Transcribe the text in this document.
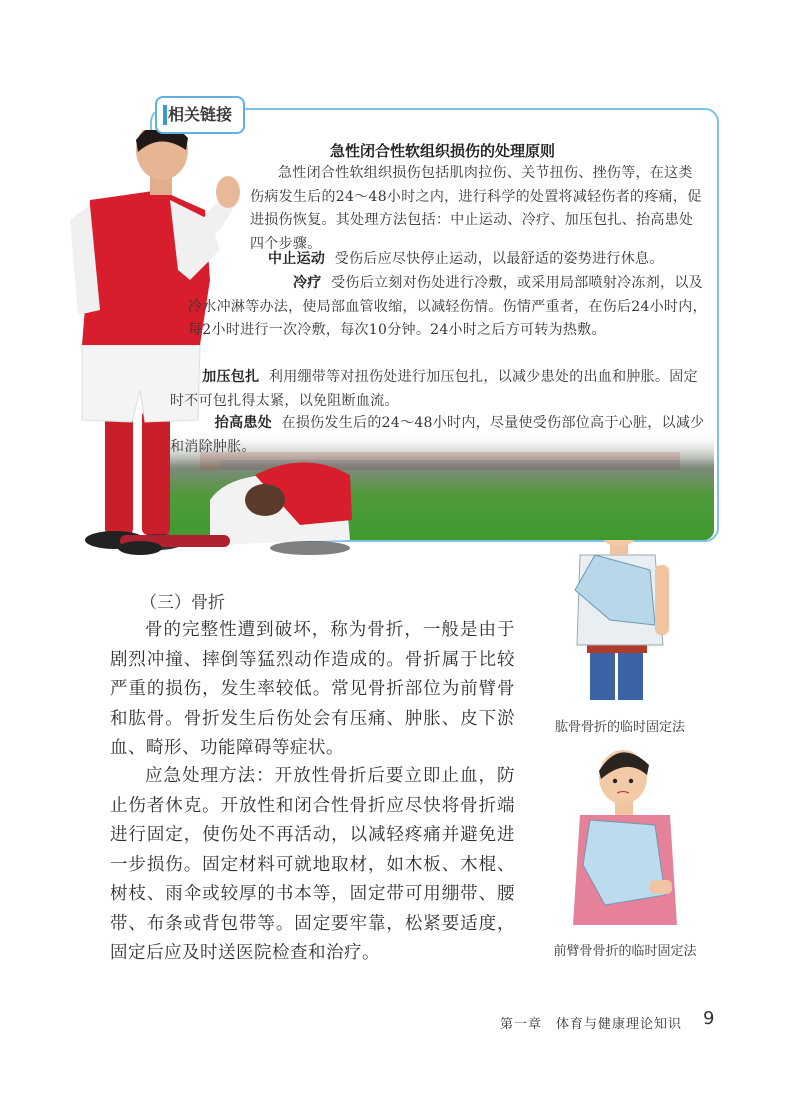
相关链接
急性闭合性软组织损伤的处理原则
急性闭合性软组织损伤包括肌肉拉伤、关节扭伤、挫伤等，在这类伤病发生后的24～48小时之内，进行科学的处置将减轻伤者的疼痛，促进损伤恢复。其处理方法包括：中止运动、冷疗、加压包扎、抬高患处四个步骤。
中止运动 受伤后应尽快停止运动，以最舒适的姿势进行休息。
冷疗 受伤后立刻对伤处进行冷敷，或采用局部喷射冷冻剂，以及冷水冲淋等办法，使局部血管收缩，以减轻伤情。伤情严重者，在伤后24小时内，每2小时进行一次冷敷，每次10分钟。24小时之后方可转为热敷。
加压包扎 利用绷带等对扭伤处进行加压包扎，以减少患处的出血和肿胀。固定时不可包扎得太紧，以免阻断血流。
抬高患处 在损伤发生后的24～48小时内，尽量使受伤部位高于心脏，以减少和消除肿胀。
（三）骨折
骨的完整性遭到破坏，称为骨折，一般是由于剧烈冲撞、摔倒等猛烈动作造成的。骨折属于比较严重的损伤，发生率较低。常见骨折部位为前臂骨和肱骨。骨折发生后伤处会有压痛、肿胀、皮下淤血、畸形、功能障碍等症状。
应急处理方法：开放性骨折后要立即止血，防止伤者休克。开放性和闭合性骨折应尽快将骨折端进行固定，使伤处不再活动，以减轻疼痛并避免进一步损伤。固定材料可就地取材，如木板、木棍、树枝、雨伞或较厚的书本等，固定带可用绷带、腰带、布条或背包带等。固定要牢靠，松紧要适度，固定后应及时送医院检查和治疗。
肱骨骨折的临时固定法
前臂骨骨折的临时固定法
第一章　体育与健康理论知识 9
